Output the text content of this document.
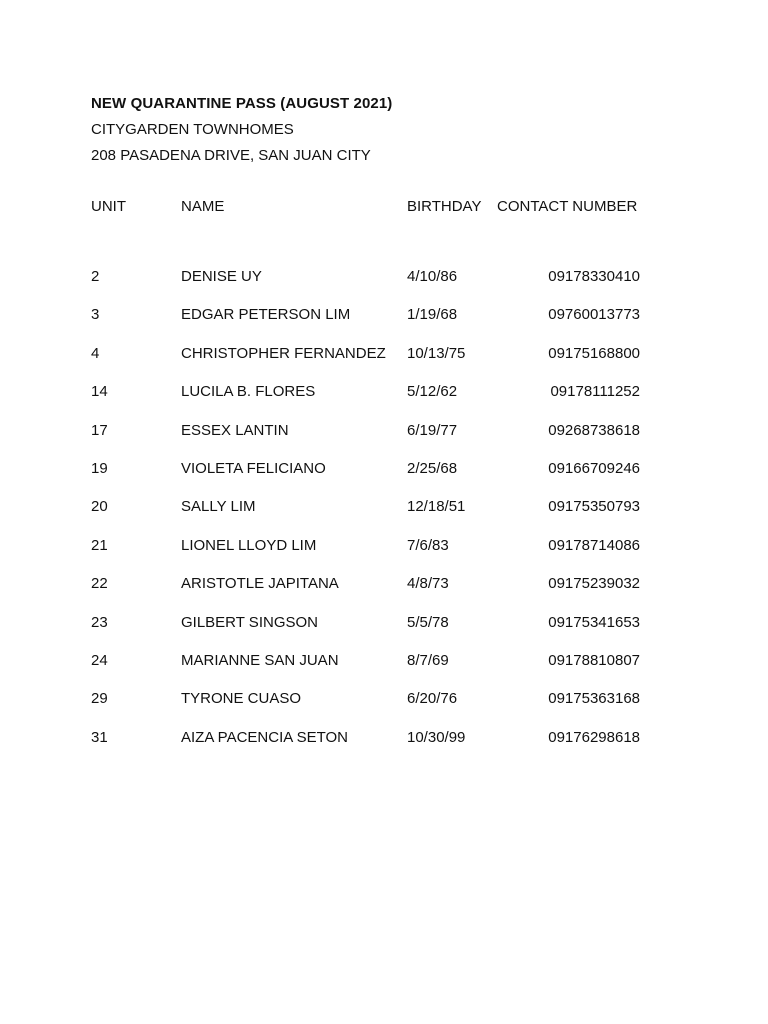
NEW QUARANTINE PASS (AUGUST 2021)
CITYGARDEN TOWNHOMES
208 PASADENA DRIVE, SAN JUAN CITY
UNIT	NAME	BIRTHDAY CONTACT NUMBER
2	DENISE UY	4/10/86	09178330410
3	EDGAR PETERSON LIM	1/19/68	09760013773
4	CHRISTOPHER FERNANDEZ 10/13/75	09175168800
14	LUCILA B. FLORES	5/12/62	09178111252
17	ESSEX LANTIN	6/19/77	09268738618
19	VIOLETA FELICIANO	2/25/68	09166709246
20	SALLY LIM	12/18/51	09175350793
21	LIONEL LLOYD LIM	7/6/83	09178714086
22	ARISTOTLE JAPITANA	4/8/73	09175239032
23	GILBERT SINGSON	5/5/78	09175341653
24	MARIANNE SAN JUAN	8/7/69	09178810807
29	TYRONE CUASO	6/20/76	09175363168
31	AIZA PACENCIA SETON	10/30/99	09176298618
